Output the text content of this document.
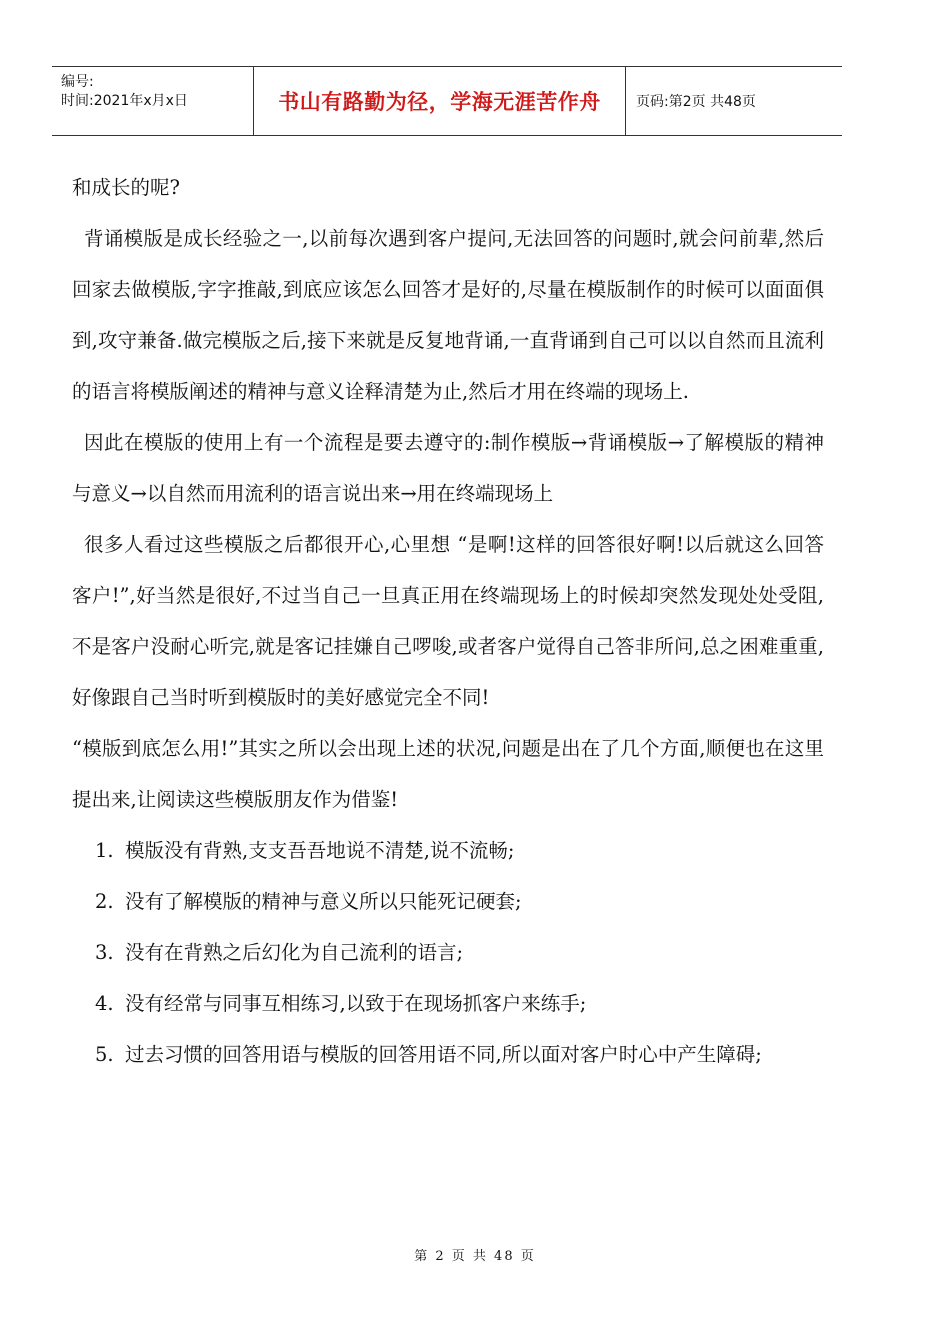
编号:
时间:2021年x月x日	书山有路勤为径，学海无涯苦作舟	页码:第2页 共48页

和成长的呢?

背诵模版是成长经验之一,以前每次遇到客户提问,无法回答的问题时,就会问前辈,然后回家去做模版,字字推敲,到底应该怎么回答才是好的,尽量在模版制作的时候可以面面俱到,攻守兼备.做完模版之后,接下来就是反复地背诵,一直背诵到自己可以以自然而且流利的语言将模版阐述的精神与意义诠释清楚为止,然后才用在终端的现场上.

因此在模版的使用上有一个流程是要去遵守的:制作模版→背诵模版→了解模版的精神与意义→以自然而用流利的语言说出来→用在终端现场上

很多人看过这些模版之后都很开心,心里想 “是啊!这样的回答很好啊!以后就这么回答客户!”,好当然是很好,不过当自己一旦真正用在终端现场上的时候却突然发现处处受阻,不是客户没耐心听完,就是客记挂嫌自己啰唆,或者客户觉得自己答非所问,总之困难重重,好像跟自己当时听到模版时的美好感觉完全不同!

“模版到底怎么用!”其实之所以会出现上述的状况,问题是出在了几个方面,顺便也在这里提出来,让阅读这些模版朋友作为借鉴!

1. 模版没有背熟,支支吾吾地说不清楚,说不流畅;
2. 没有了解模版的精神与意义所以只能死记硬套;
3. 没有在背熟之后幻化为自己流利的语言;
4. 没有经常与同事互相练习,以致于在现场抓客户来练手;
5. 过去习惯的回答用语与模版的回答用语不同,所以面对客户时心中产生障碍;
第 2 页 共 48 页
